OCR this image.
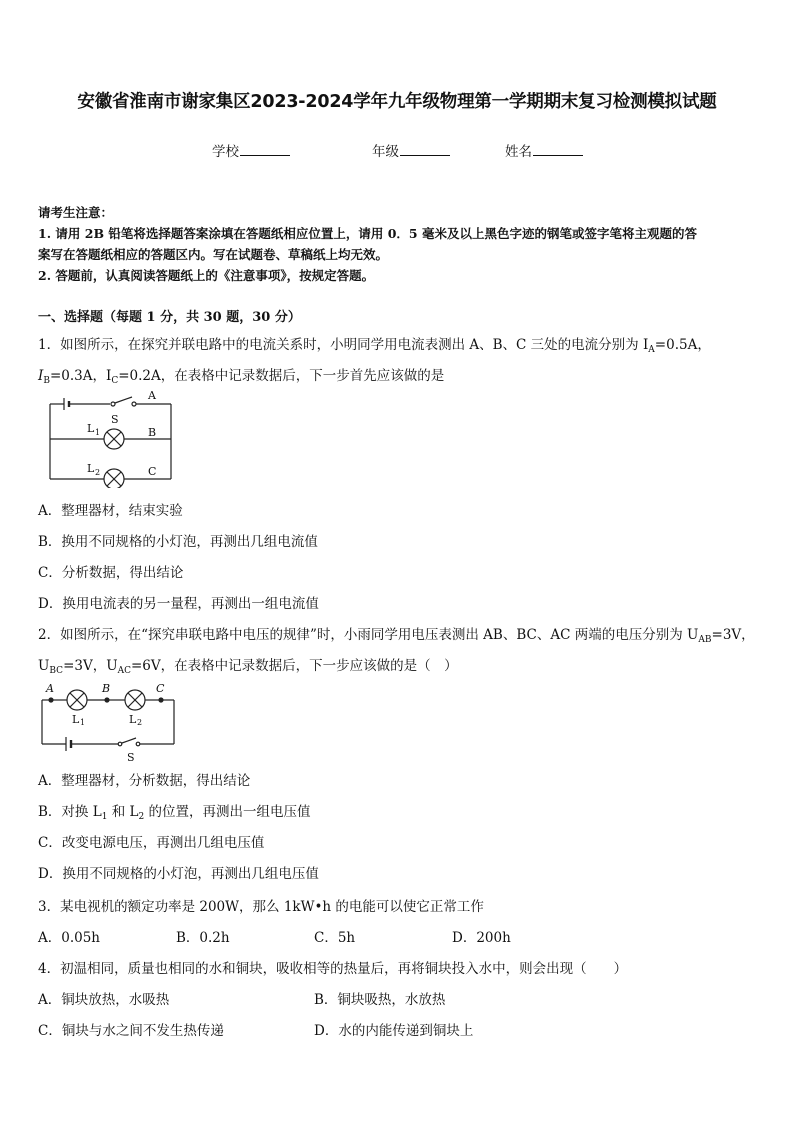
安徽省淮南市谢家集区2023-2024学年九年级物理第一学期期末复习检测模拟试题
学校	年级	姓名
请考生注意：
1. 请用 2B 铅笔将选择题答案涂填在答题纸相应位置上，请用 0．5 毫米及以上黑色字迹的钢笔或签字笔将主观题的答
案写在答题纸相应的答题区内。写在试题卷、草稿纸上均无效。
2. 答题前，认真阅读答题纸上的《注意事项》，按规定答题。
一、选择题（每题 1 分，共 30 题，30 分）
1．如图所示，在探究并联电路中的电流关系时，小明同学用电流表测出 A、B、C 三处的电流分别为 $I_A=0.5A$，
$I_B=0.3A$，$I_C=0.2A$，在表格中记录数据后，下一步首先应该做的是
S
A
B
C
L 1
L 2
A．整理器材，结束实验
B．换用不同规格的小灯泡，再测出几组电流值
C．分析数据，得出结论
D．换用电流表的另一量程，再测出一组电流值
2．如图所示，在“探究串联电路中电压的规律”时，小雨同学用电压表测出 AB、BC、AC 两端的电压分别为 $U_{AB}=3V$，
$U_{BC}=3V$，$U_{AC}=6V$，在表格中记录数据后，下一步应该做的是（　）
A	B	C
L 1	L 2
S
A．整理器材，分析数据，得出结论
B．对换 $L_1$ 和 $L_2$ 的位置，再测出一组电压值
C．改变电源电压，再测出几组电压值
D．换用不同规格的小灯泡，再测出几组电压值
3．某电视机的额定功率是 200W，那么 1kW•h 的电能可以使它正常工作
A．0.05h	B．0.2h	C．5h	D．200h
4．初温相同，质量也相同的水和铜块，吸收相等的热量后，再将铜块投入水中，则会出现（　　）
A．铜块放热，水吸热	B．铜块吸热，水放热
C．铜块与水之间不发生热传递	D．水的内能传递到铜块上
